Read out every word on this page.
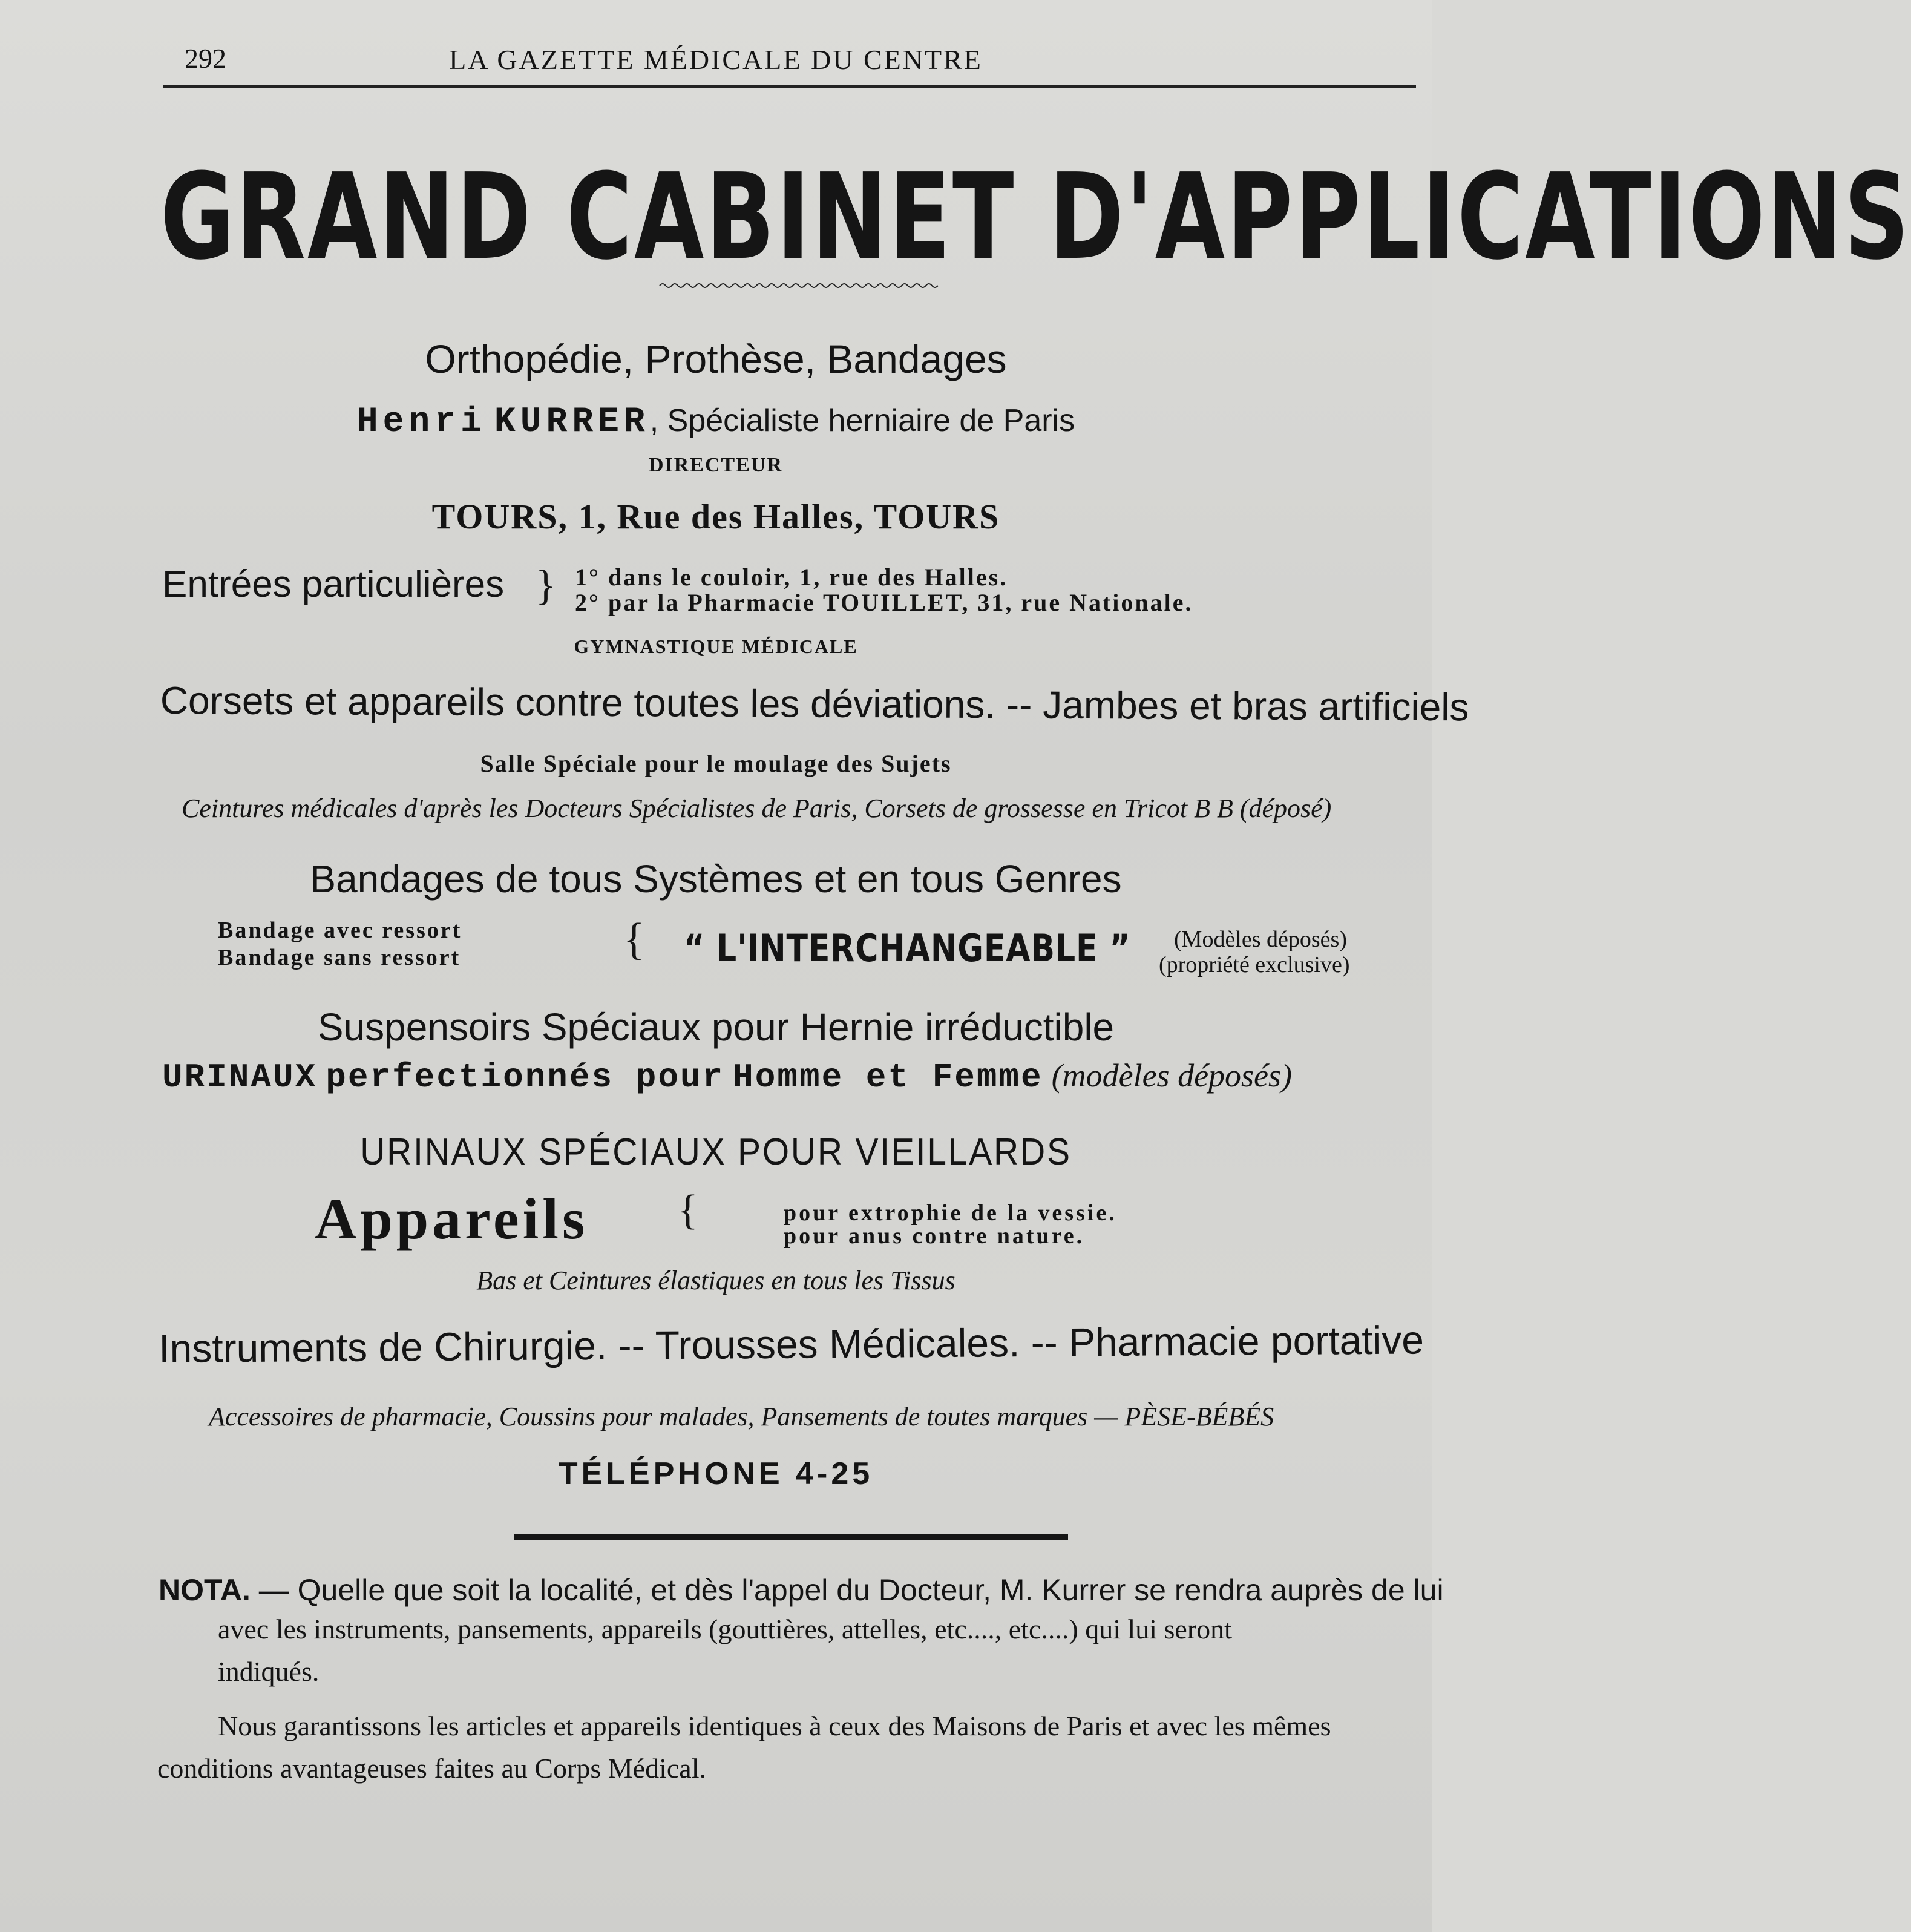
292	LA GAZETTE MÉDICALE DU CENTRE
GRAND CABINET D'APPLICATIONS
Orthopédie, Prothèse, Bandages
Henri KURRER, Spécialiste herniaire de Paris
DIRECTEUR
TOURS, 1, Rue des Halles, TOURS
Entrées particulières } 1° dans le couloir, 1, rue des Halles.
2° par la Pharmacie TOUILLET, 31, rue Nationale.
GYMNASTIQUE MÉDICALE
Corsets et appareils contre toutes les déviations. -- Jambes et bras artificiels
Salle Spéciale pour le moulage des Sujets
Ceintures médicales d'après les Docteurs Spécialistes de Paris, Corsets de grossesse en Tricot B B (déposé)
Bandages de tous Systèmes et en tous Genres
Bandage avec ressort
Bandage sans ressort	{ “ L'INTERCHANGEABLE ” (Modèles déposés)
(propriété exclusive)
Suspensoirs Spéciaux pour Hernie irréductible
URINAUX perfectionnés pour Homme et Femme (modèles déposés)
URINAUX SPÉCIAUX POUR VIEILLARDS
Appareils {	pour extrophie de la vessie.
pour anus contre nature.
Bas et Ceintures élastiques en tous les Tissus
Instruments de Chirurgie. -- Trousses Médicales. -- Pharmacie portative
Accessoires de pharmacie, Coussins pour malades, Pansements de toutes marques — PÈSE-BÉBÉS
TÉLÉPHONE 4-25
NOTA. — Quelle que soit la localité, et dès l'appel du Docteur, M. Kurrer se rendra auprès de lui
avec les instruments, pansements, appareils (gouttières, attelles, etc...., etc....) qui lui seront
indiqués.
Nous garantissons les articles et appareils identiques à ceux des Maisons de Paris et avec les mêmes
conditions avantageuses faites au Corps Médical.
